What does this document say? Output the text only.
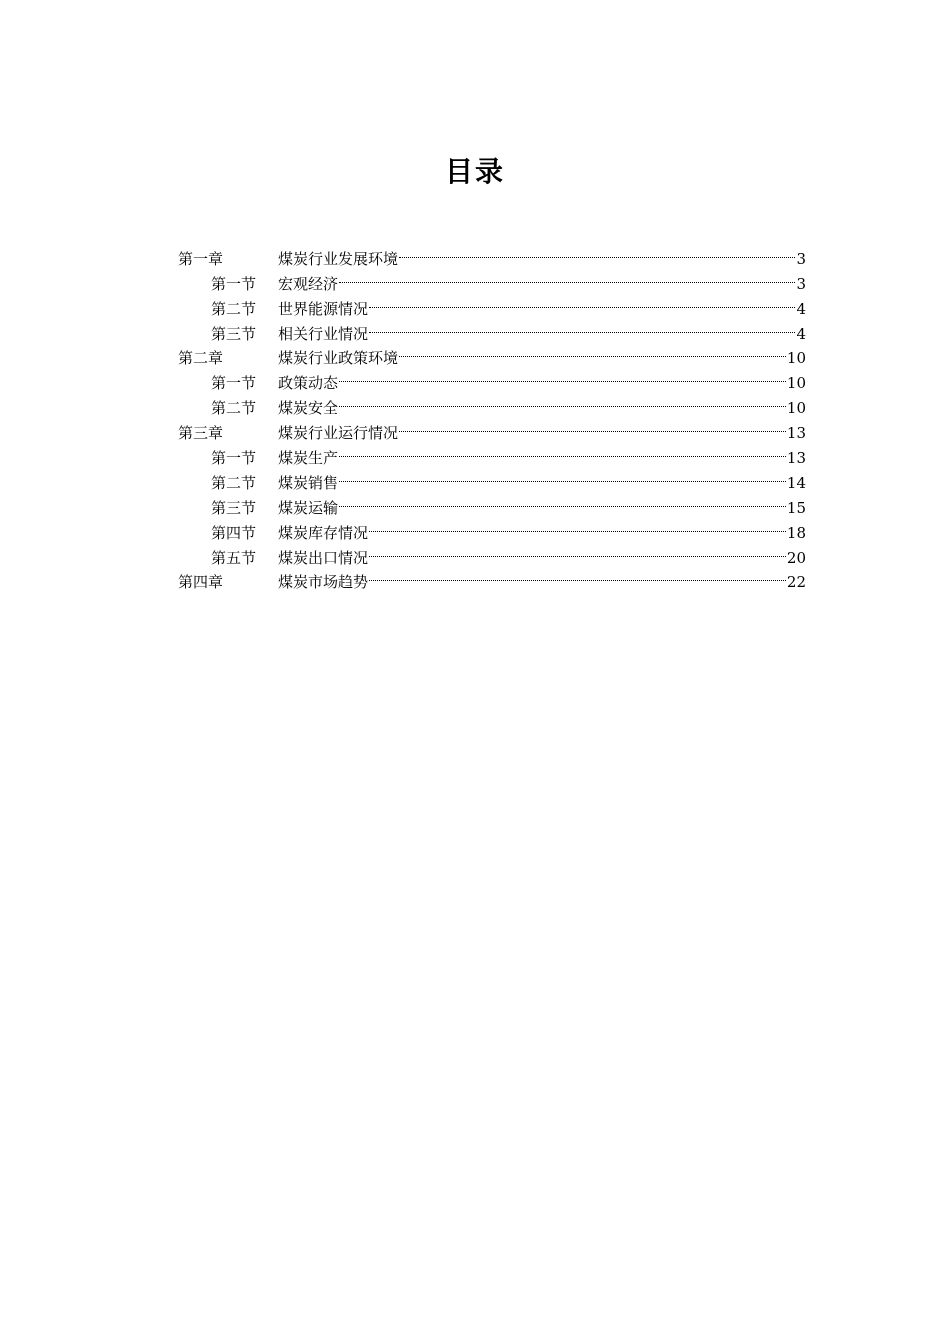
目录
第一章	煤炭行业发展环境	3
第一节	宏观经济	3
第二节	世界能源情况	4
第三节	相关行业情况	4
第二章	煤炭行业政策环境	10
第一节	政策动态	10
第二节	煤炭安全	10
第三章	煤炭行业运行情况	13
第一节	煤炭生产	13
第二节	煤炭销售	14
第三节	煤炭运输	15
第四节	煤炭库存情况	18
第五节	煤炭出口情况	20
第四章	煤炭市场趋势	22
